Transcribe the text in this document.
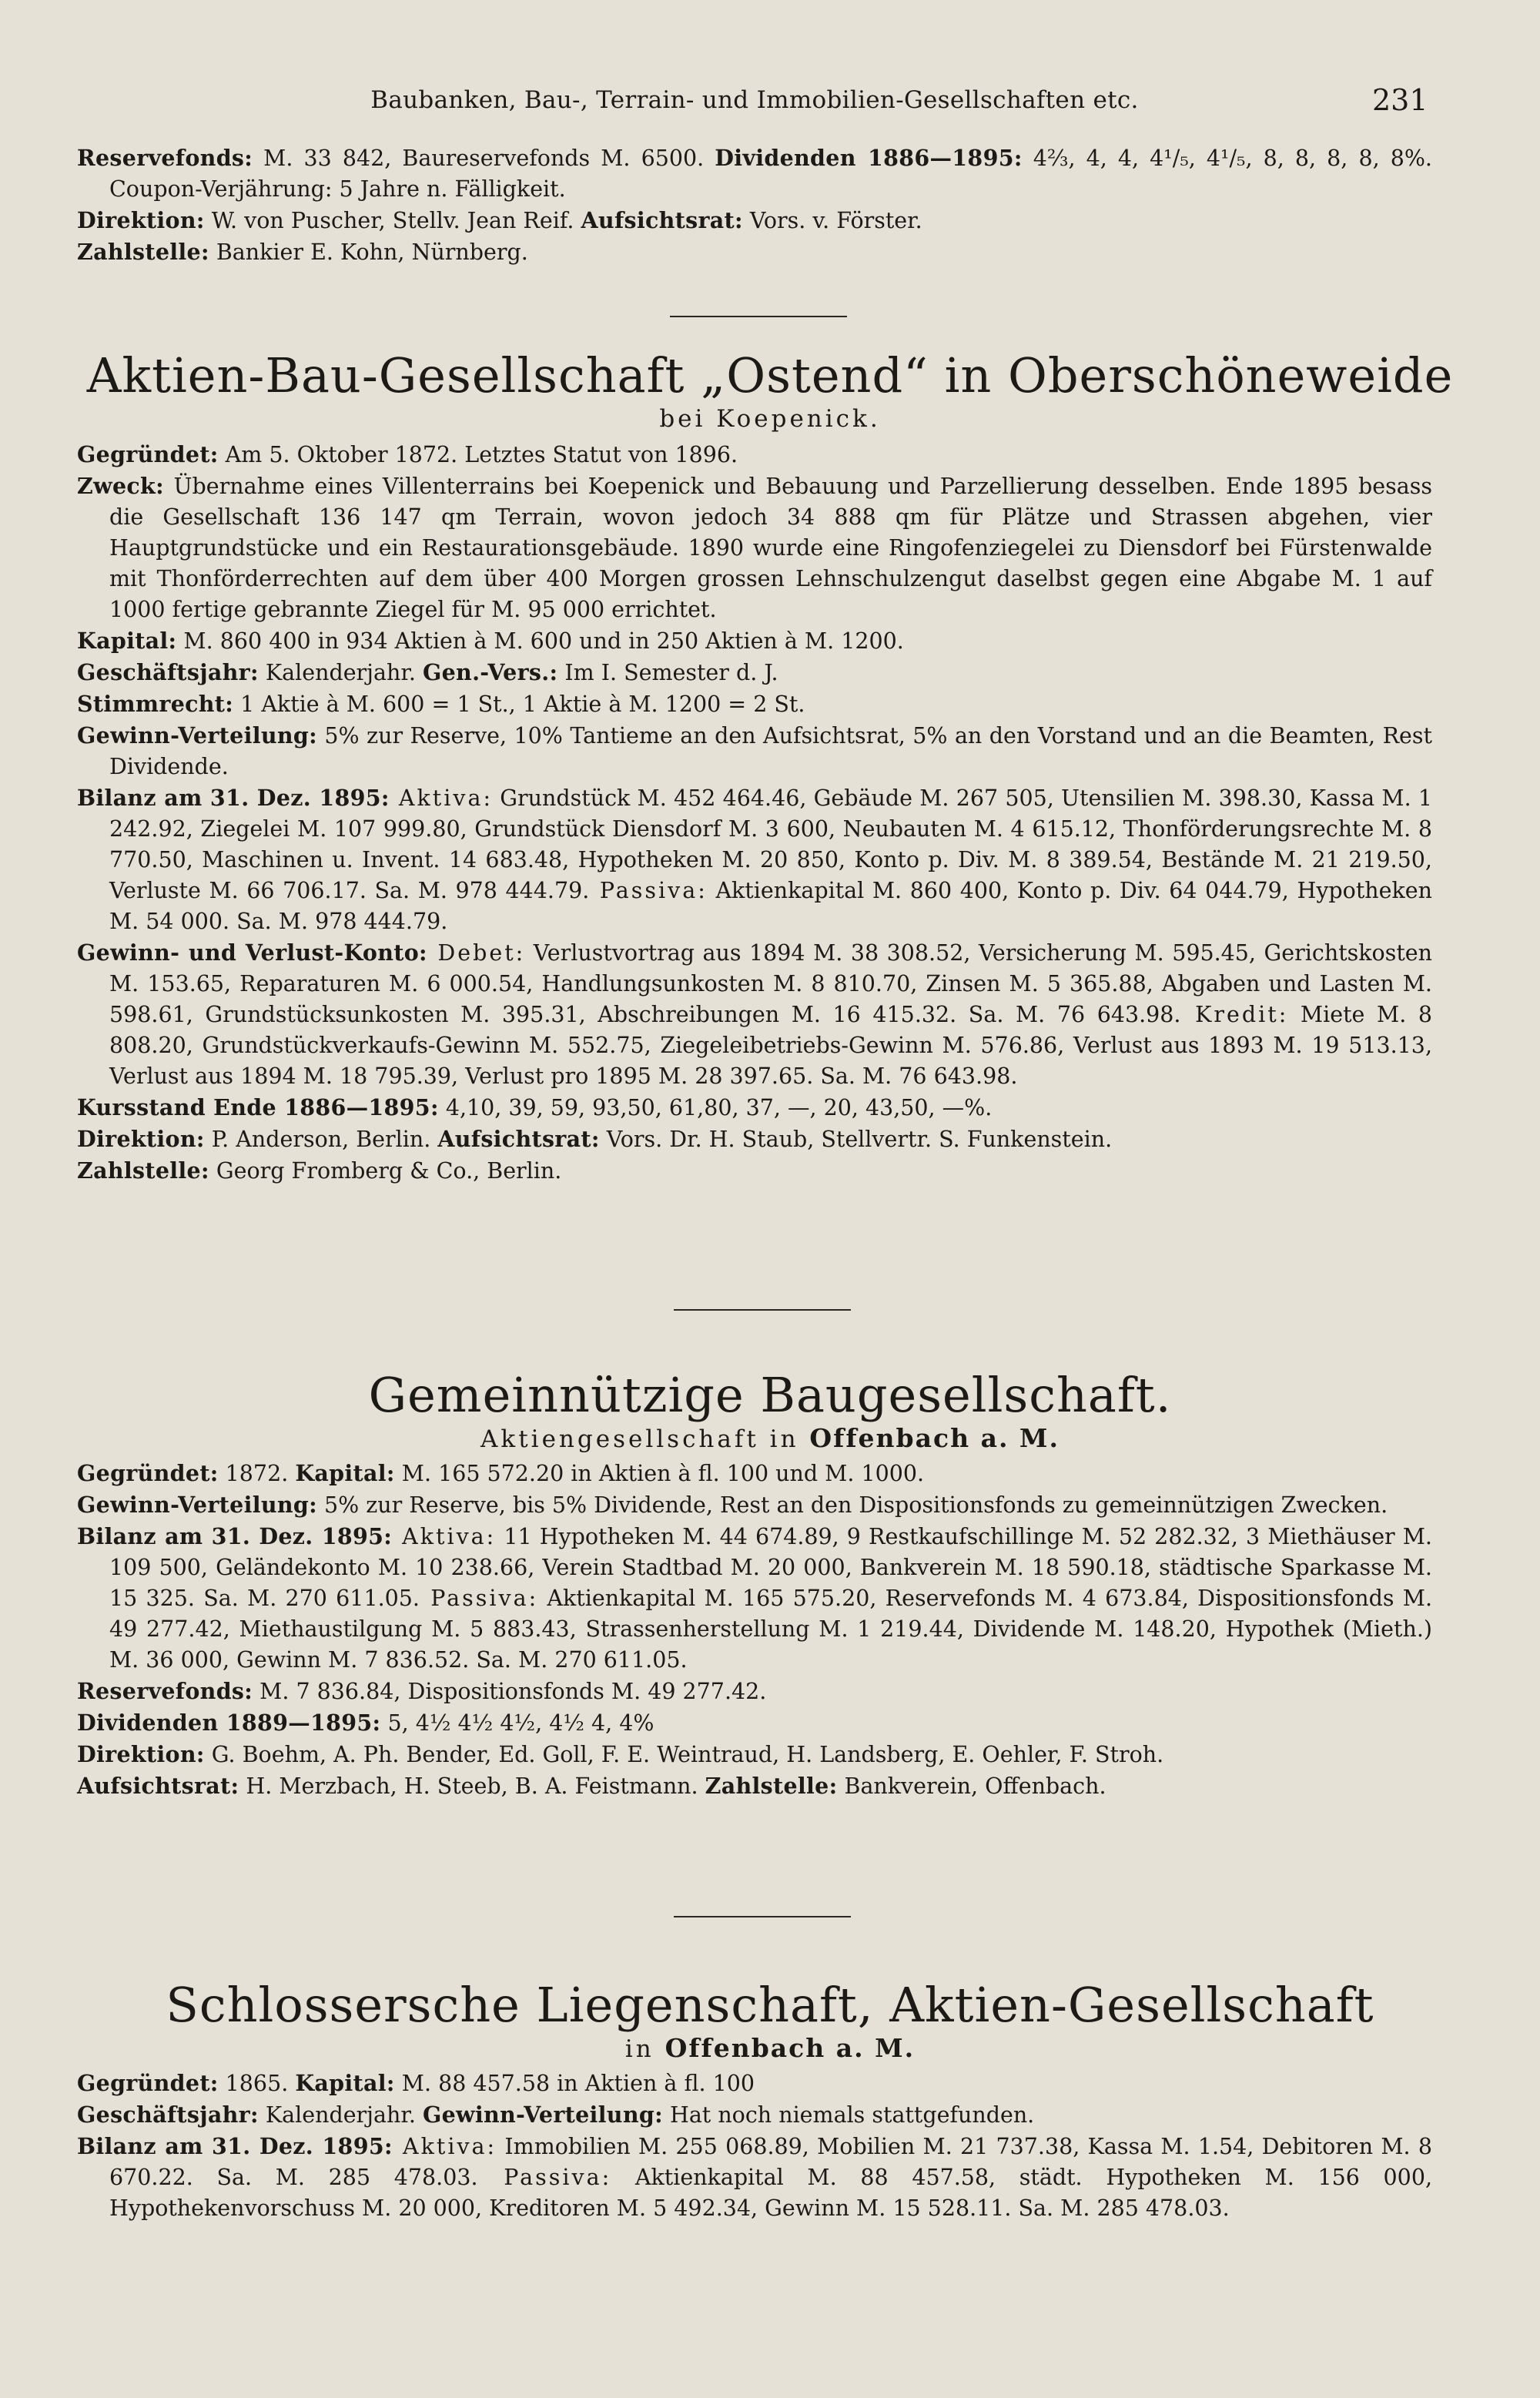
Baubanken, Bau-, Terrain- und Immobilien-Gesellschaften etc.	231

Reservefonds: M. 33 842, Baureservefonds M. 6500. Dividenden 1886—1895: 4⅔, 4, 4, 4¹/₅, 4¹/₅, 8, 8, 8, 8, 8%. Coupon-Verjährung: 5 Jahre n. Fälligkeit.

Direktion: W. von Puscher, Stellv. Jean Reif. Aufsichtsrat: Vors. v. Förster.

Zahlstelle: Bankier E. Kohn, Nürnberg.

Aktien-Bau-Gesellschaft „Ostend“ in Oberschöneweide
bei Koepenick.

Gegründet: Am 5. Oktober 1872. Letztes Statut von 1896.

Zweck: Übernahme eines Villenterrains bei Koepenick und Bebauung und Parzellierung desselben. Ende 1895 besass die Gesellschaft 136 147 qm Terrain, wovon jedoch 34 888 qm für Plätze und Strassen abgehen, vier Hauptgrundstücke und ein Restaurationsgebäude. 1890 wurde eine Ringofenziegelei zu Diensdorf bei Fürstenwalde mit Thonförderrechten auf dem über 400 Morgen grossen Lehnschulzengut daselbst gegen eine Abgabe M. 1 auf 1000 fertige gebrannte Ziegel für M. 95 000 errichtet.

Kapital: M. 860 400 in 934 Aktien à M. 600 und in 250 Aktien à M. 1200.

Geschäftsjahr: Kalenderjahr. Gen.-Vers.: Im I. Semester d. J.

Stimmrecht: 1 Aktie à M. 600 = 1 St., 1 Aktie à M. 1200 = 2 St.

Gewinn-Verteilung: 5% zur Reserve, 10% Tantieme an den Aufsichtsrat, 5% an den Vorstand und an die Beamten, Rest Dividende.

Bilanz am 31. Dez. 1895: Aktiva: Grundstück M. 452 464.46, Gebäude M. 267 505, Utensilien M. 398.30, Kassa M. 1 242.92, Ziegelei M. 107 999.80, Grundstück Diensdorf M. 3 600, Neubauten M. 4 615.12, Thonförderungsrechte M. 8 770.50, Maschinen u. Invent. 14 683.48, Hypotheken M. 20 850, Konto p. Div. M. 8 389.54, Bestände M. 21 219.50, Verluste M. 66 706.17. Sa. M. 978 444.79. Passiva: Aktienkapital M. 860 400, Konto p. Div. 64 044.79, Hypotheken M. 54 000. Sa. M. 978 444.79.

Gewinn- und Verlust-Konto: Debet: Verlustvortrag aus 1894 M. 38 308.52, Versicherung M. 595.45, Gerichtskosten M. 153.65, Reparaturen M. 6 000.54, Handlungsunkosten M. 8 810.70, Zinsen M. 5 365.88, Abgaben und Lasten M. 598.61, Grundstücksunkosten M. 395.31, Abschreibungen M. 16 415.32. Sa. M. 76 643.98. Kredit: Miete M. 8 808.20, Grundstückverkaufs-Gewinn M. 552.75, Ziegeleibetriebs-Gewinn M. 576.86, Verlust aus 1893 M. 19 513.13, Verlust aus 1894 M. 18 795.39, Verlust pro 1895 M. 28 397.65. Sa. M. 76 643.98.

Kursstand Ende 1886—1895: 4,10, 39, 59, 93,50, 61,80, 37, —, 20, 43,50, —%.

Direktion: P. Anderson, Berlin. Aufsichtsrat: Vors. Dr. H. Staub, Stellvertr. S. Funkenstein.

Zahlstelle: Georg Fromberg & Co., Berlin.

Gemeinnützige Baugesellschaft.
Aktiengesellschaft in Offenbach a. M.

Gegründet: 1872. Kapital: M. 165 572.20 in Aktien à fl. 100 und M. 1000.

Gewinn-Verteilung: 5% zur Reserve, bis 5% Dividende, Rest an den Dispositionsfonds zu gemeinnützigen Zwecken.

Bilanz am 31. Dez. 1895: Aktiva: 11 Hypotheken M. 44 674.89, 9 Restkaufschillinge M. 52 282.32, 3 Miethäuser M. 109 500, Geländekonto M. 10 238.66, Verein Stadtbad M. 20 000, Bankverein M. 18 590.18, städtische Sparkasse M. 15 325. Sa. M. 270 611.05. Passiva: Aktienkapital M. 165 575.20, Reservefonds M. 4 673.84, Dispositionsfonds M. 49 277.42, Miethaustilgung M. 5 883.43, Strassenherstellung M. 1 219.44, Dividende M. 148.20, Hypothek (Mieth.) M. 36 000, Gewinn M. 7 836.52. Sa. M. 270 611.05.

Reservefonds: M. 7 836.84, Dispositionsfonds M. 49 277.42.

Dividenden 1889—1895: 5, 4½ 4½ 4½, 4½ 4, 4%

Direktion: G. Boehm, A. Ph. Bender, Ed. Goll, F. E. Weintraud, H. Landsberg, E. Oehler, F. Stroh.

Aufsichtsrat: H. Merzbach, H. Steeb, B. A. Feistmann. Zahlstelle: Bankverein, Offenbach.

Schlossersche Liegenschaft, Aktien-Gesellschaft
in Offenbach a. M.

Gegründet: 1865. Kapital: M. 88 457.58 in Aktien à fl. 100

Geschäftsjahr: Kalenderjahr. Gewinn-Verteilung: Hat noch niemals stattgefunden.

Bilanz am 31. Dez. 1895: Aktiva: Immobilien M. 255 068.89, Mobilien M. 21 737.38, Kassa M. 1.54, Debitoren M. 8 670.22. Sa. M. 285 478.03. Passiva: Aktienkapital M. 88 457.58, städt. Hypotheken M. 156 000, Hypothekenvorschuss M. 20 000, Kreditoren M. 5 492.34, Gewinn M. 15 528.11. Sa. M. 285 478.03.
